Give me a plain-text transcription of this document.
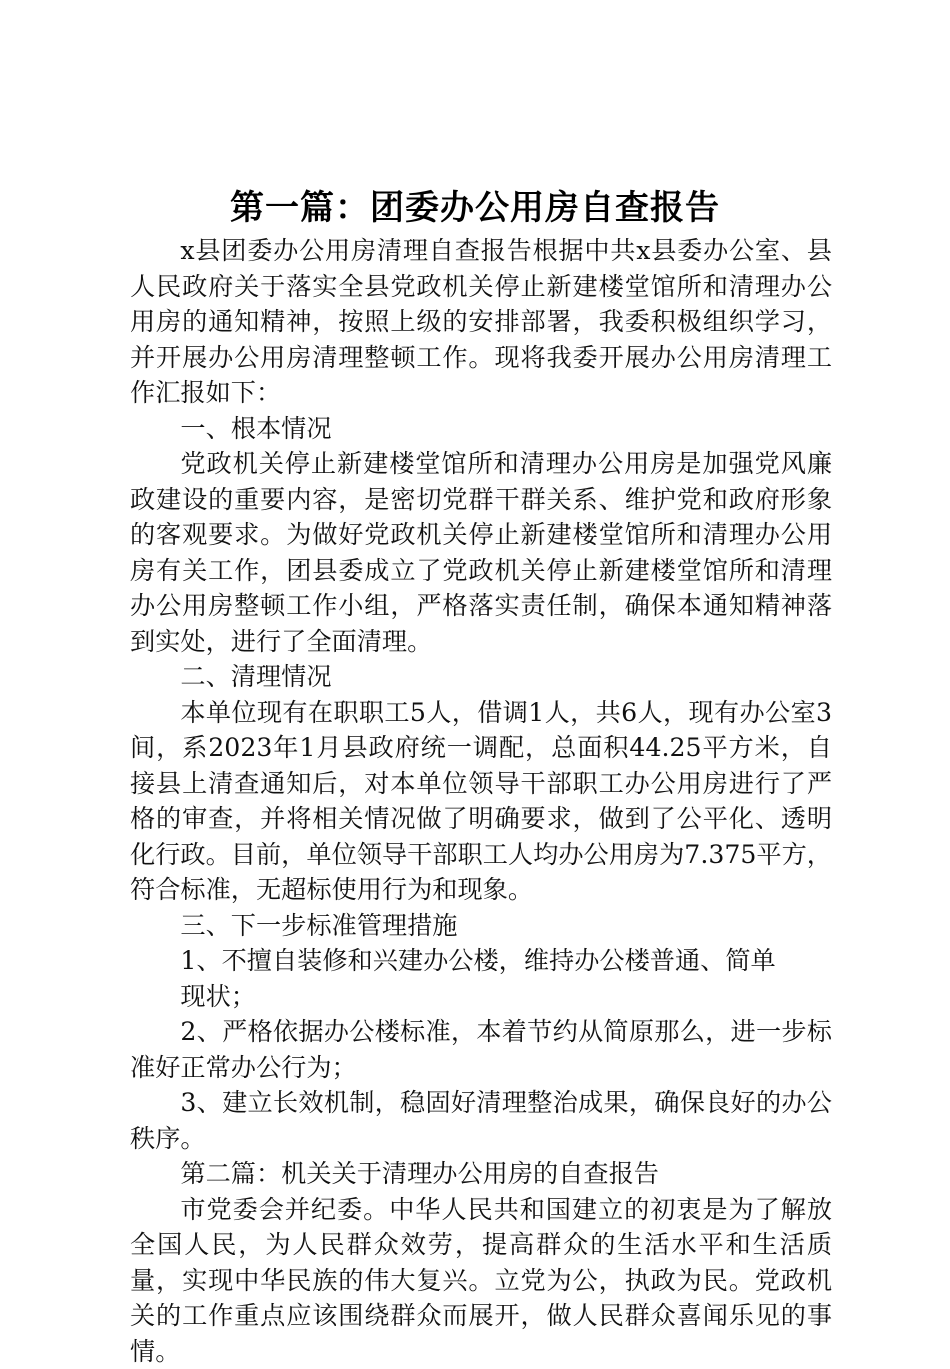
第一篇：团委办公用房自查报告

x县团委办公用房清理自查报告根据中共x县委办公室、县人民政府关于落实全县党政机关停止新建楼堂馆所和清理办公用房的通知精神，按照上级的安排部署，我委积极组织学习，并开展办公用房清理整顿工作。现将我委开展办公用房清理工作汇报如下：

一、根本情况

党政机关停止新建楼堂馆所和清理办公用房是加强党风廉政建设的重要内容，是密切党群干群关系、维护党和政府形象的客观要求。为做好党政机关停止新建楼堂馆所和清理办公用房有关工作，团县委成立了党政机关停止新建楼堂馆所和清理办公用房整顿工作小组，严格落实责任制，确保本通知精神落到实处，进行了全面清理。

二、清理情况

本单位现有在职职工5人，借调1人，共6人，现有办公室3间，系2023年1月县政府统一调配，总面积44.25平方米，自接县上清查通知后，对本单位领导干部职工办公用房进行了严格的审查，并将相关情况做了明确要求，做到了公平化、透明化行政。目前，单位领导干部职工人均办公用房为7.375平方，符合标准，无超标使用行为和现象。

三、下一步标准管理措施

1、不擅自装修和兴建办公楼，维持办公楼普通、简单

现状；

2、严格依据办公楼标准，本着节约从简原那么，进一步标准好正常办公行为；

3、建立长效机制，稳固好清理整治成果，确保良好的办公秩序。

第二篇：机关关于清理办公用房的自查报告

市党委会并纪委。中华人民共和国建立的初衷是为了解放全国人民，为人民群众效劳，提高群众的生活水平和生活质量，实现中华民族的伟大复兴。立党为公，执政为民。党政机关的工作重点应该围绕群众而展开，做人民群众喜闻乐见的事情。
